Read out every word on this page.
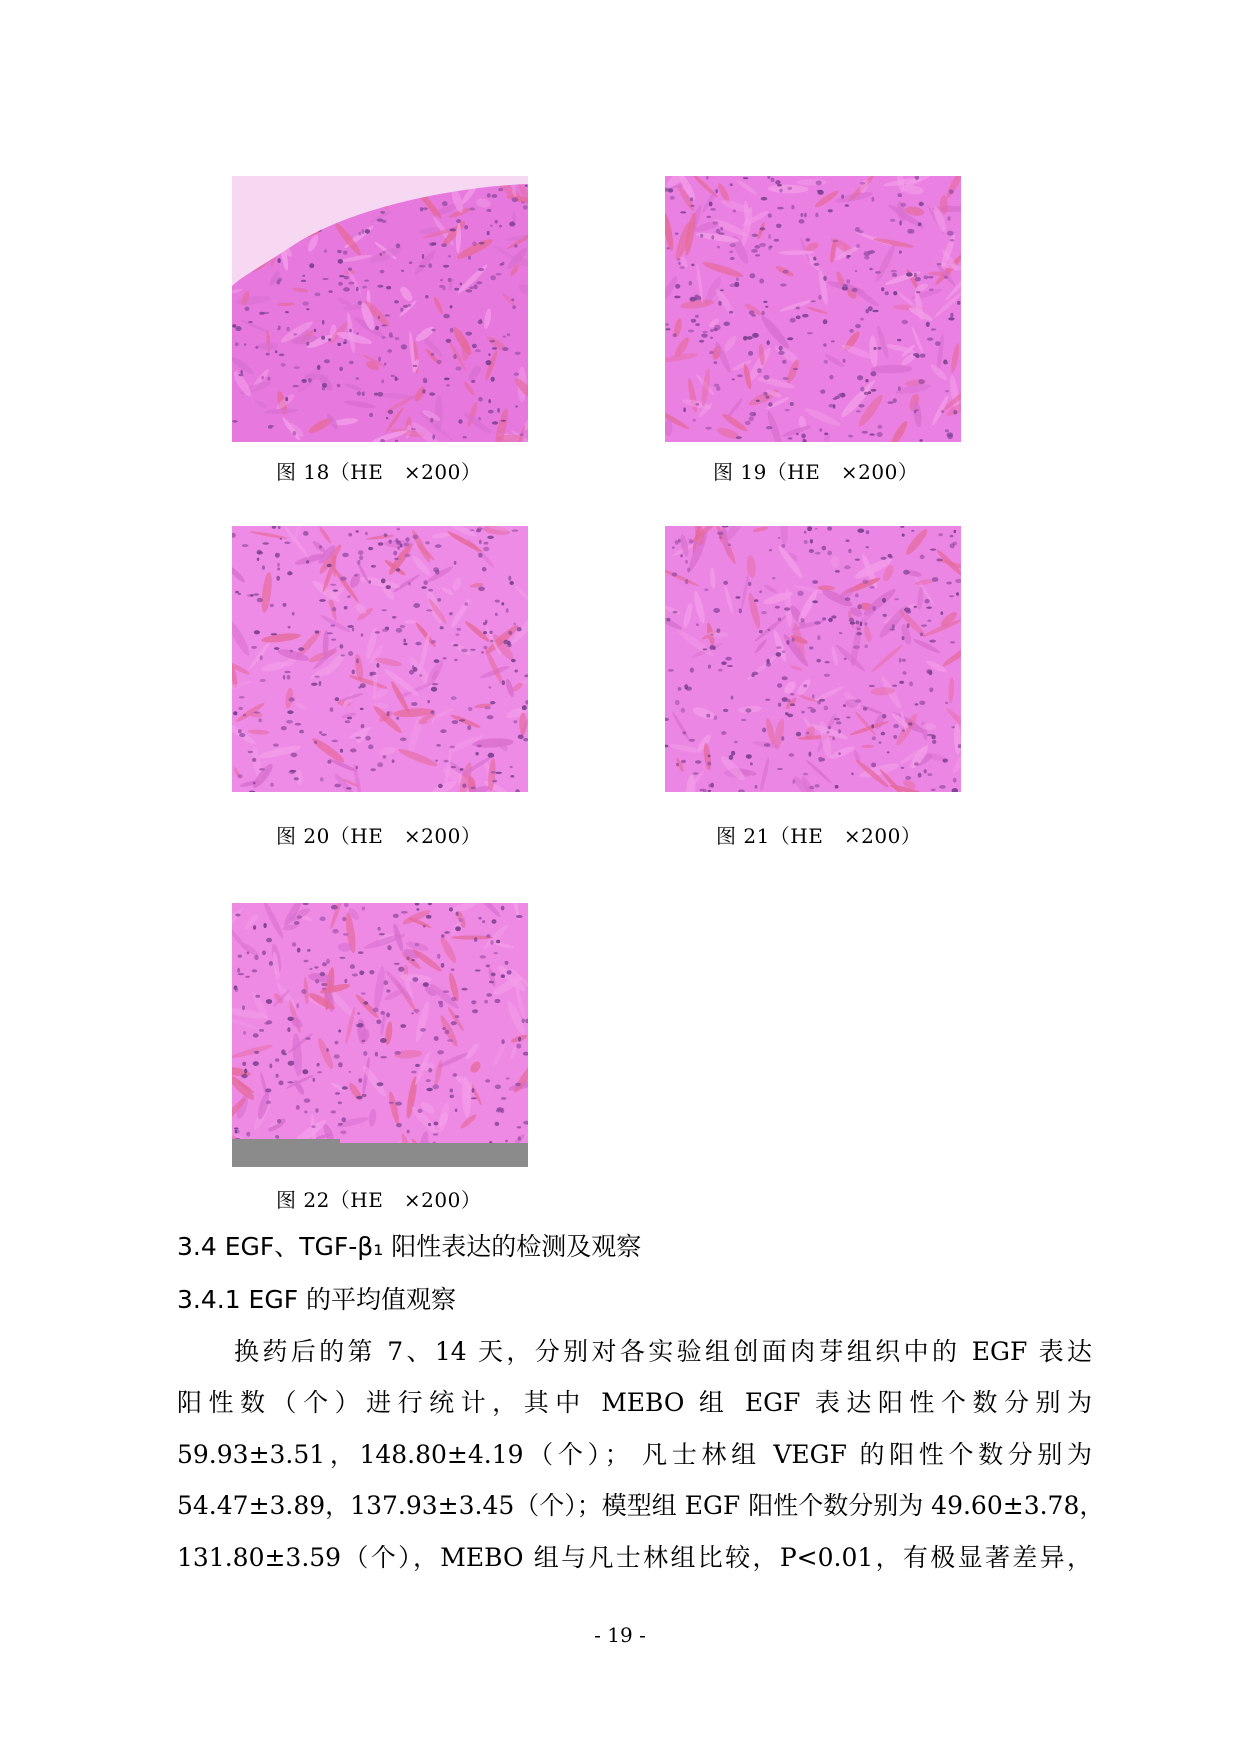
图 18（HE   ×200）	图 19（HE   ×200）
图 20（HE   ×200）	图 21（HE   ×200）
图 22（HE   ×200）
3.4 EGF、TGF-β₁ 阳性表达的检测及观察
3.4.1 EGF 的平均值观察
换药后的第 7、14 天，分别对各实验组创面肉芽组织中的 EGF 表达
阳性数（个）进行统计，其中 MEBO 组 EGF 表达阳性个数分别为
59.93±3.51，148.80±4.19（个）； 凡士林组 VEGF 的阳性个数分别为
54.47±3.89，137.93±3.45（个）；模型组 EGF 阳性个数分别为 49.60±3.78，
131.80±3.59（个），MEBO 组与凡士林组比较，P<0.01，有极显著差异，
- 19 -
